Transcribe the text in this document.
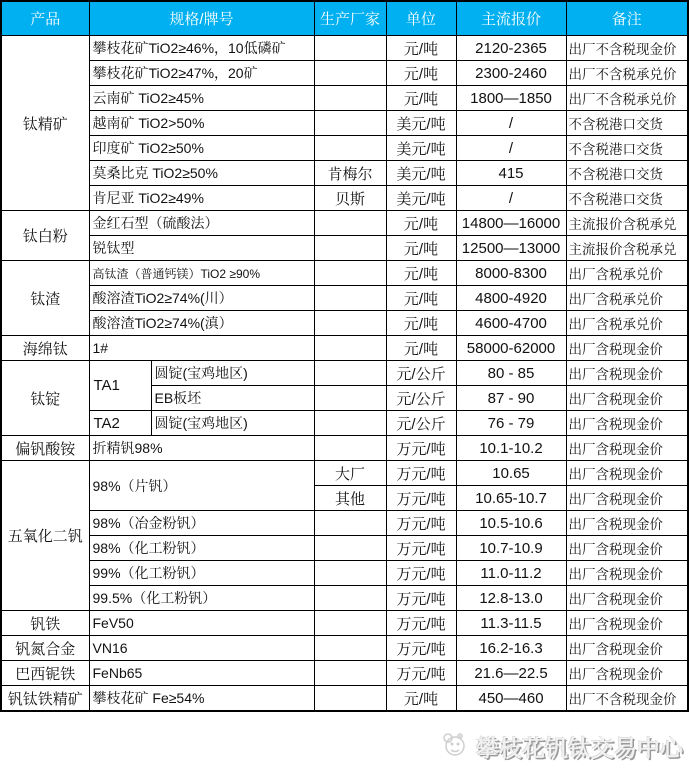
产品	规格/牌号		生产厂家	单位	主流报价	备注
钛精矿	攀枝花矿TiO2≥46%，10低磷矿			元/吨	2120-2365	出厂不含税现金价
	攀枝花矿TiO2≥47%，20矿			元/吨	2300-2460	出厂不含税承兑价
	云南矿 TiO2≥45%			元/吨	1800—1850	出厂不含税承兑价
	越南矿 TiO2>50%			美元/吨	/	不含税港口交货
	印度矿 TiO2≥50%			美元/吨	/	不含税港口交货
	莫桑比克 TiO2≥50%		肯梅尔	美元/吨	415	不含税港口交货
	肯尼亚 TiO2≥49%		贝斯	美元/吨	/	不含税港口交货
钛白粉	金红石型（硫酸法）			元/吨	14800—16000	主流报价含税承兑
	锐钛型			元/吨	12500—13000	主流报价含税承兑
钛渣	高钛渣（普通钙镁）TiO2 ≥90%			元/吨	8000-8300	出厂含税承兑价
	酸溶渣TiO2≥74%(川）			元/吨	4800-4920	出厂含税承兑价
	酸溶渣TiO2≥74%(滇）			元/吨	4600-4700	出厂含税承兑价
海绵钛	1#			元/吨	58000-62000	出厂含税现金价
钛锭	TA1	圆锭(宝鸡地区)		元/公斤	80 - 85	出厂含税现金价
		EB板坯		元/公斤	87 - 90	出厂含税现金价
	TA2	圆锭(宝鸡地区)		元/公斤	76 - 79	出厂含税现金价
偏钒酸铵	折精钒98%			万元/吨	10.1-10.2	出厂含税现金价
五氧化二钒	98%（片钒）		大厂	万元/吨	10.65	出厂含税现金价
			其他	万元/吨	10.65-10.7	出厂含税现金价
	98%（冶金粉钒）			万元/吨	10.5-10.6	出厂含税现金价
	98%（化工粉钒）			万元/吨	10.7-10.9	出厂含税现金价
	99%（化工粉钒）			万元/吨	11.0-11.2	出厂含税现金价
	99.5%（化工粉钒）			万元/吨	12.8-13.0	出厂含税现金价
钒铁	FeV50			万元/吨	11.3-11.5	出厂含税现金价
钒氮合金	VN16			万元/吨	16.2-16.3	出厂含税现金价
巴西铌铁	FeNb65			万元/吨	21.6—22.5	出厂含税现金价
钒钛铁精矿	攀枝花矿 Fe≥54%			元/吨	450—460	出厂不含税现金价
攀枝花钒钛交易中心
